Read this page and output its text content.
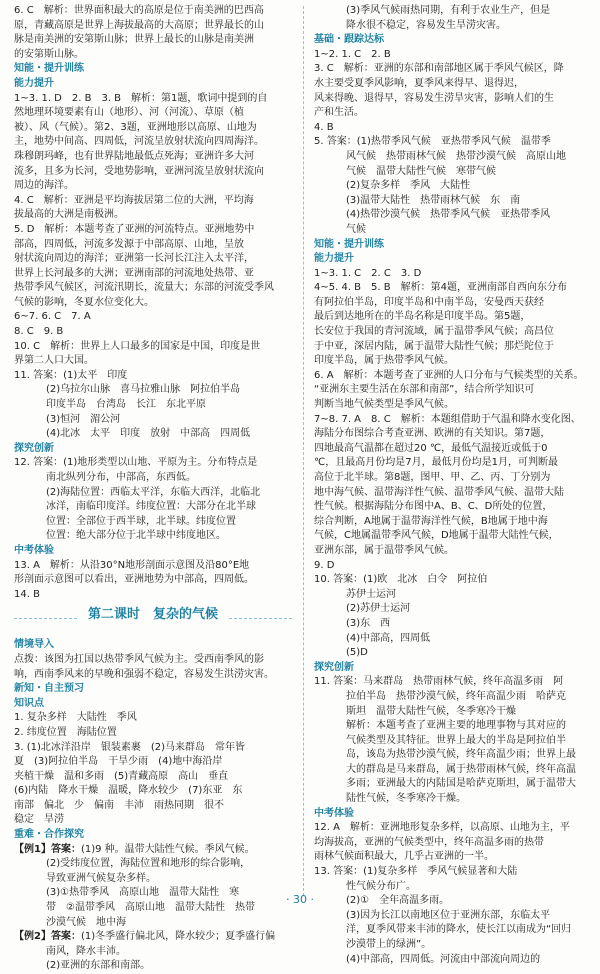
6. C　解析：世界面积最大的高原是位于南美洲的巴西高
原，青藏高原是世界上海拔最高的大高原；世界最长的山
脉是南美洲的安第斯山脉；世界上最长的山脉是南美洲
的安第斯山脉。
知能・提升训练
能力提升
1~3. 1. D　2. B　3. B　解析：第1题，歌词中提到的自
然地理环境要素有山（地形）、河（河流）、草原（植
被）、风（气候）。第2、3题，亚洲地形以高原、山地为
主，地势中间高、四周低，河流呈放射状流向四周海洋。
珠穆朗玛峰，也有世界陆地最低点死海；亚洲许多大河
流多，且多为长河，受地势影响，亚洲河流呈放射状流向
周边的海洋。
4. C　解析：亚洲是平均海拔居第二位的大洲，平均海
拔最高的大洲是南极洲。
5. D　解析：本题考查了亚洲的河流特点。亚洲地势中
部高，四周低，河流多发源于中部高原、山地，呈放
射状流向周边的海洋；亚洲第一长河长江注入太平洋，
世界上长河最多的大洲；亚洲南部的河流地处热带、亚
热带季风气候区，河流汛期长，流量大；东部的河流受季风
气候的影响，冬夏水位变化大。
6~7. 6. C　7. A
8. C　9. B
10. C　解析：世界上人口最多的国家是中国，印度是世
界第二人口大国。
11. 答案：(1)太平　印度
(2)乌拉尔山脉　喜马拉雅山脉　阿拉伯半岛
印度半岛　台湾岛　长江　东北平原
(3)恒河　湄公河
(4)北冰　太平　印度　放射　中部高　四周低
探究创新
12. 答案：(1)地形类型以山地、平原为主。分布特点是
南北纵列分布，中部高，东西低。
(2)海陆位置：西临太平洋，东临大西洋，北临北
冰洋，南临印度洋。纬度位置：大部分在北半球
位置：全部位于西半球，北半球。纬度位置
位置：绝大部分位于北半球中纬度地区。
中考体验
13. A　解析：从沿30°N地形剖面示意图及沿80°E地
形剖面示意图可以看出，亚洲地势为中部高，四周低。
14. B
第二课时　复杂的气候
情境导入
点拨：该图为扛国以热带季风气候为主。受西南季风的影
响，西南季风来的早晚和强弱不稳定，容易发生洪涝灾害。
新知・自主预习
知识点
1. 复杂多样　大陆性　季风
2. 纬度位置　海陆位置
3. (1)北冰洋沿岸　银装素裹　(2)马来群岛　常年皆
夏　(3)阿拉伯半岛　干旱少雨　(4)地中海沿岸
夹植干燥　温和多雨　(5)青藏高原　高山　垂直
(6)内陆　降水干燥　温暖，降水较少　(7)东亚　东
南部　偏北　少　偏南　丰沛　雨热同期　很不
稳定　旱涝
重难・合作探究
【例1】答案：(1)9 种。温带大陆性气候。季风气候。
(2)受纬度位置，海陆位置和地形的综合影响，
导致亚洲气候复杂多样。
(3)①热带季风　高原山地　温带大陆性　寒
带　②温带季风　高原山地　温带大陆性　热带
沙漠气候　地中海
【例2】答案：(1)冬季盛行偏北风，降水较少；夏季盛行偏
南风，降水丰沛。
(2)亚洲的东部和南部。
(3)季风气候雨热同期，有利于农业生产，但是
降水很不稳定，容易发生旱涝灾害。
基础・跟踪达标
1~2. 1. C　2. B
3. C　解析：亚洲的东部和南部地区属于季风气候区，降
水主要受夏季风影响，夏季风来得早、退得迟，
风来得晚、退得早，容易发生涝旱灾害，影响人们的生
产和生活。
4. B
5. 答案：(1)热带季风气候　亚热带季风气候　温带季
风气候　热带雨林气候　热带沙漠气候　高原山地
气候　温带大陆性气候　寒带气候
(2)复杂多样　季风　大陆性
(3)温带大陆性　热带雨林气候　东　南
(4)热带沙漠气候　热带季风气候　亚热带季风
气候
知能・提升训练
能力提升
1~3. 1. C　2. C　3. D
4~5. 4. B　5. B　解析：第4题，亚洲南部自西向东分布
有阿拉伯半岛，印度半岛和中南半岛，安曼西天获经
最后到达地所在的半岛名称是印度半岛。第5题，
长安位于我国的青河流域，属于温带季风气候；高昌位
于中亚，深居内陆，属于温带大陆性气候；那烂陀位于
印度半岛，属于热带季风气候。
6. A　解析：本题考查了亚洲的人口分布与气候类型的关系。
“亚洲东主要生活在东部和南部”，结合所学知识可
判断当地气候类型是季风气候。
7~8. 7. A　8. C　解析：本题组借助于气温和降水变化图、
海陆分布图综合考查亚洲、欧洲的有关知识。第7题，
四地最高气温都在超过20 ℃，最低气温接近或低于0
℃，且最高月份均是7月，最低月份均是1月，可判断最
高位于北半球。第8题，图甲、甲、乙、丙、丁分别为
地中海气候、温带海洋性气候、温带季风气候、温带大陆
性气候。根据海陆分布图中A、B、C、D所处的位置，
综合判断，A地属于温带海洋性气候，B地属于地中海
气候，C地属温带季风气候，D地属于温带大陆性气候，
亚洲东部，属于温带季风气候。
9. D
10. 答案：(1)欧　北冰　白令　阿拉伯
苏伊士运河
(2)苏伊士运河
(3)东　西
(4)中部高，四周低
(5)D
探究创新
11. 答案：马来群岛　热带雨林气候，终年高温多雨　阿
拉伯半岛　热带沙漠气候，终年高温少雨　哈萨克
斯坦　温带大陆性气候，冬季寒冷干燥
解析：本题考查了亚洲主要的地理事物与其对应的
气候类型及其特征。世界上最大的半岛是阿拉伯半
岛，该岛为热带沙漠气候，终年高温少雨；世界上最
大的群岛是马来群岛，属于热带雨林气候，终年高温
多雨；亚洲最大的内陆国是哈萨克斯坦，属于温带大
陆性气候，冬季寒冷干燥。
中考体验
12. A　解析：亚洲地形复杂多样，以高原、山地为主，平
均海拔高，亚洲的气候类型中，终年高温多雨的热带
雨林气候面积最大，几乎占亚洲的一半。
13. 答案：(1)复杂多样　季风气候显著和大陆
性气候分布广。
(2)①　全年高温多雨。
(3)因为长江以南地区位于亚洲东部，东临太平
洋，夏季风带来丰沛的降水，使长江以南成为“回归
沙漠带上的绿洲”。
(4)中部高，四周低。河流由中部流向周边的
· 30 ·
